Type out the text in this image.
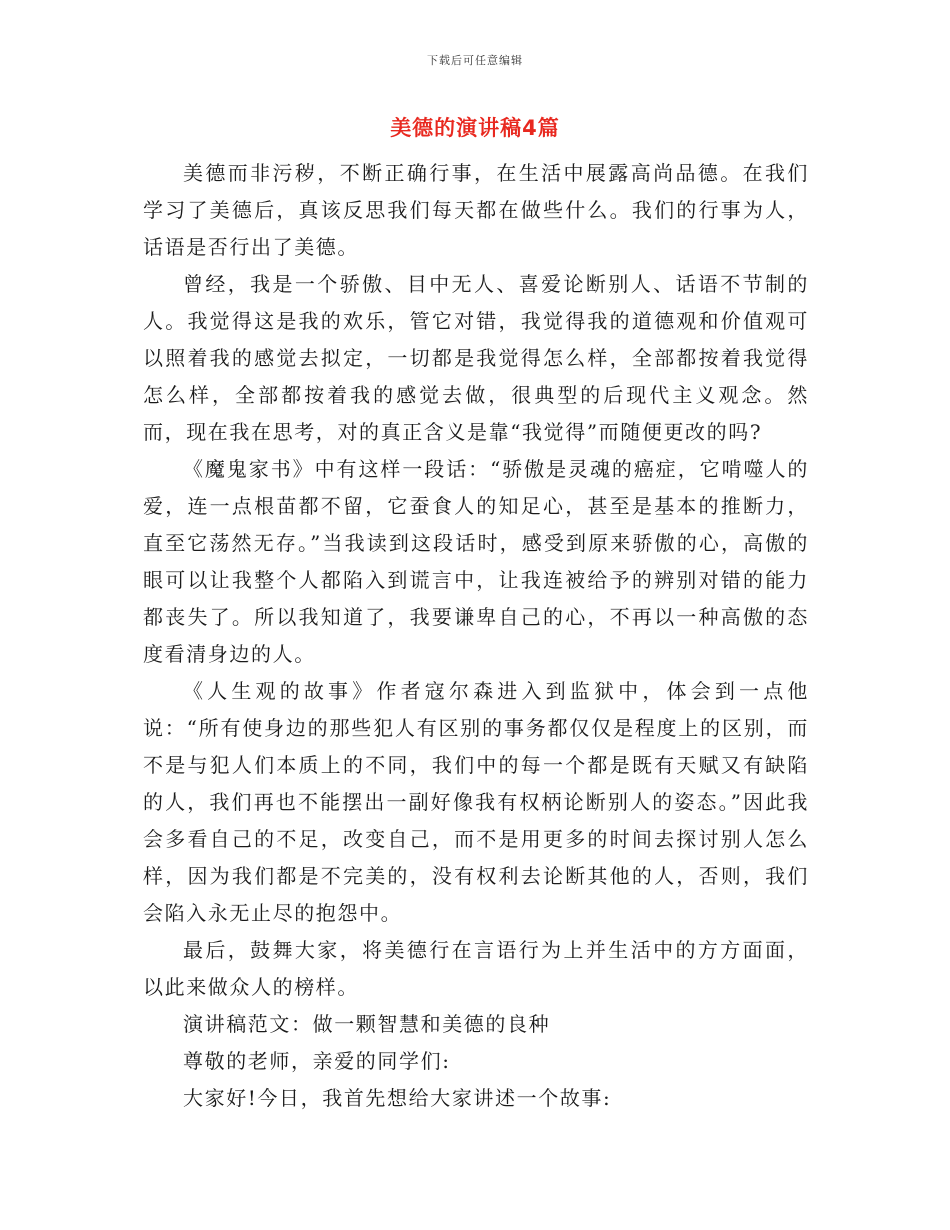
下载后可任意编辑
美德的演讲稿4篇

美德而非污秽，不断正确行事，在生活中展露高尚品德。在我们学习了美德后，真该反思我们每天都在做些什么。我们的行事为人，话语是否行出了美德。

曾经，我是一个骄傲、目中无人、喜爱论断别人、话语不节制的人。我觉得这是我的欢乐，管它对错，我觉得我的道德观和价值观可以照着我的感觉去拟定，一切都是我觉得怎么样，全部都按着我觉得怎么样，全部都按着我的感觉去做，很典型的后现代主义观念。然而，现在我在思考，对的真正含义是靠“我觉得”而随便更改的吗?

《魔鬼家书》中有这样一段话：“骄傲是灵魂的癌症，它啃噬人的爱，连一点根苗都不留，它蚕食人的知足心，甚至是基本的推断力，直至它荡然无存。”当我读到这段话时，感受到原来骄傲的心，高傲的眼可以让我整个人都陷入到谎言中，让我连被给予的辨别对错的能力都丧失了。所以我知道了，我要谦卑自己的心，不再以一种高傲的态度看清身边的人。

《人生观的故事》作者寇尔森进入到监狱中，体会到一点他说：“所有使身边的那些犯人有区别的事务都仅仅是程度上的区别，而不是与犯人们本质上的不同，我们中的每一个都是既有天赋又有缺陷的人，我们再也不能摆出一副好像我有权柄论断别人的姿态。”因此我会多看自己的不足，改变自己，而不是用更多的时间去探讨别人怎么样，因为我们都是不完美的，没有权利去论断其他的人，否则，我们会陷入永无止尽的抱怨中。

最后，鼓舞大家，将美德行在言语行为上并生活中的方方面面，以此来做众人的榜样。

演讲稿范文：做一颗智慧和美德的良种

尊敬的老师，亲爱的同学们:

大家好!今日，我首先想给大家讲述一个故事:
